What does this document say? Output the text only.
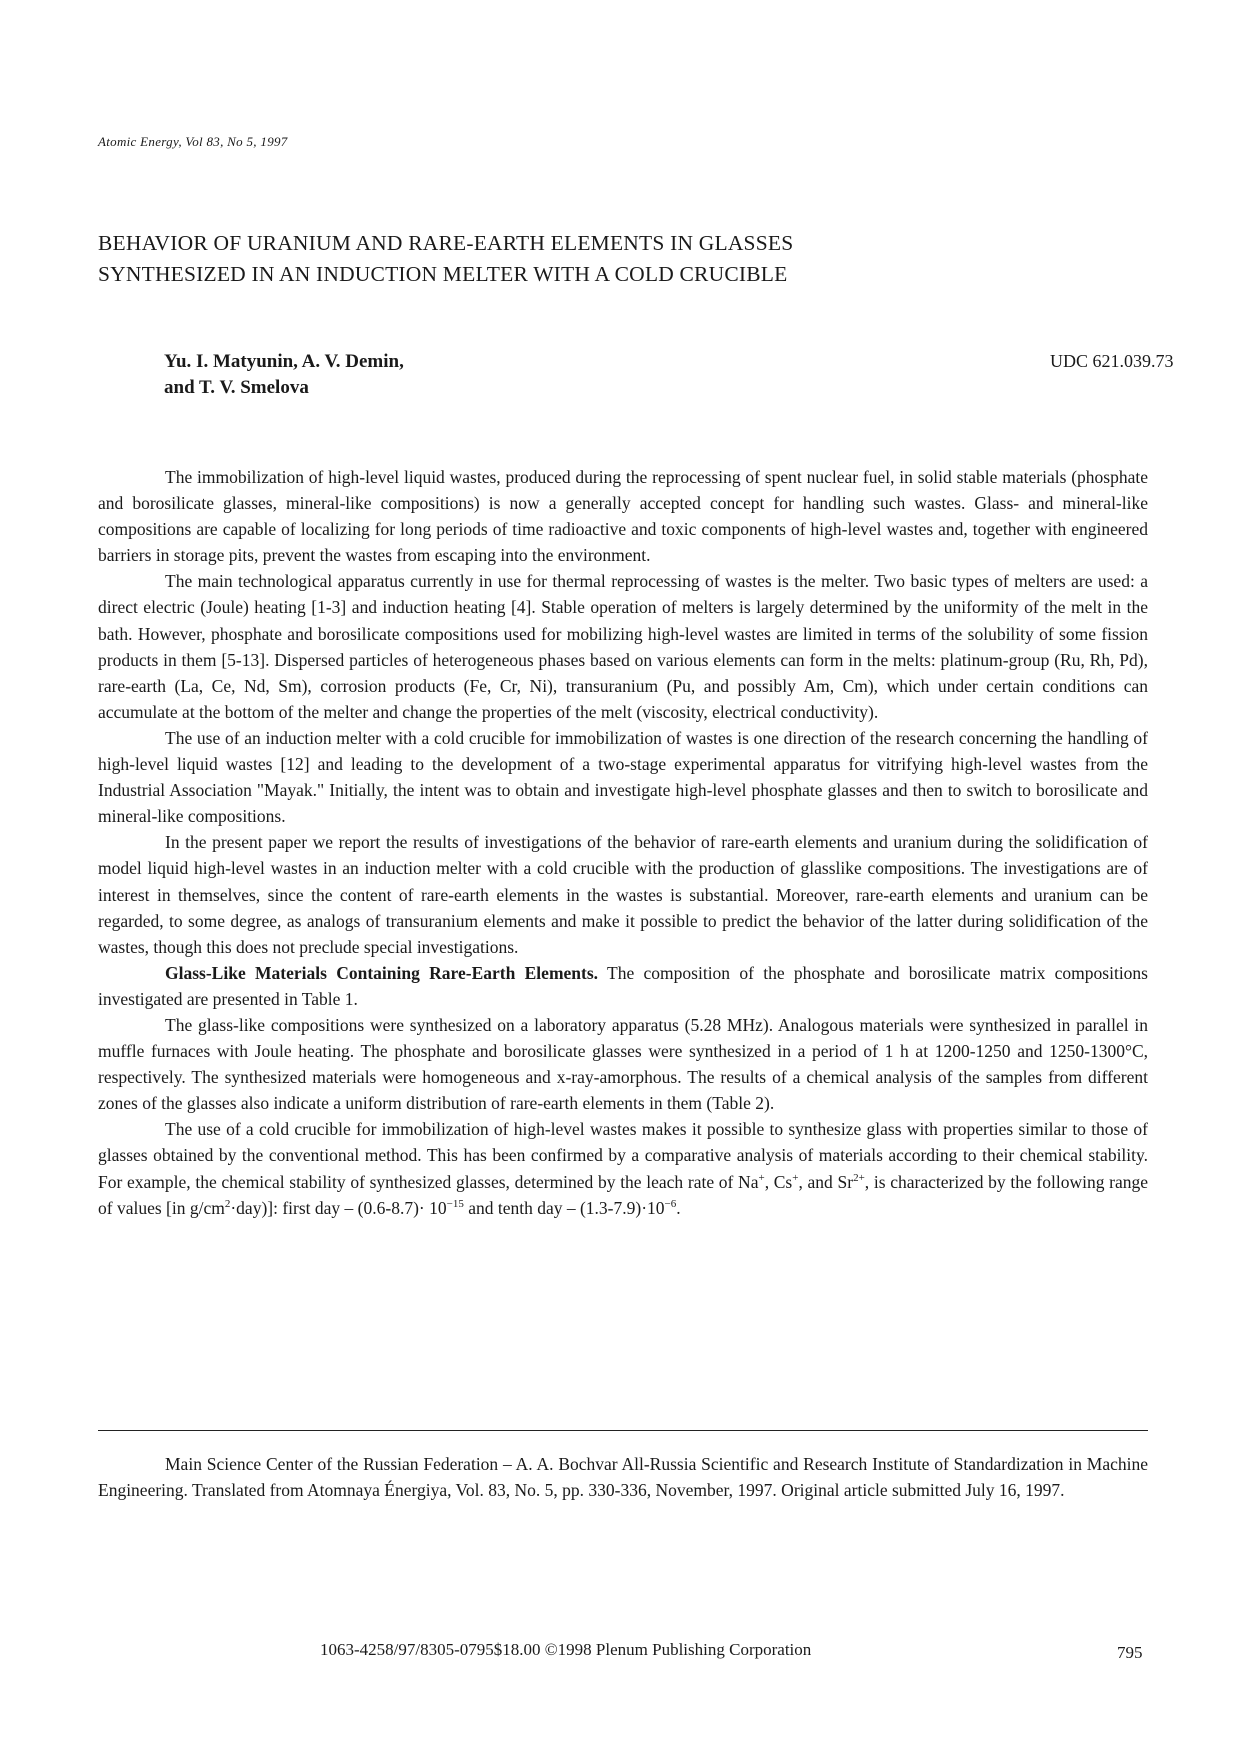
Atomic Energy, Vol 83, No 5, 1997
BEHAVIOR OF URANIUM AND RARE-EARTH ELEMENTS IN GLASSES
SYNTHESIZED IN AN INDUCTION MELTER WITH A COLD CRUCIBLE
Yu. I. Matyunin, A. V. Demin,
and T. V. Smelova
UDC 621.039.73

The immobilization of high-level liquid wastes, produced during the reprocessing of spent nuclear fuel, in solid stable materials (phosphate and borosilicate glasses, mineral-like compositions) is now a generally accepted concept for handling such wastes. Glass- and mineral-like compositions are capable of localizing for long periods of time radioactive and toxic components of high-level wastes and, together with engineered barriers in storage pits, prevent the wastes from escaping into the environment.

The main technological apparatus currently in use for thermal reprocessing of wastes is the melter. Two basic types of melters are used: a direct electric (Joule) heating [1-3] and induction heating [4]. Stable operation of melters is largely determined by the uniformity of the melt in the bath. However, phosphate and borosilicate compositions used for mobilizing high-level wastes are limited in terms of the solubility of some fission products in them [5-13]. Dispersed particles of heterogeneous phases based on various elements can form in the melts: platinum-group (Ru, Rh, Pd), rare-earth (La, Ce, Nd, Sm), corrosion products (Fe, Cr, Ni), transuranium (Pu, and possibly Am, Cm), which under certain conditions can accumulate at the bottom of the melter and change the properties of the melt (viscosity, electrical conductivity).

The use of an induction melter with a cold crucible for immobilization of wastes is one direction of the research concerning the handling of high-level liquid wastes [12] and leading to the development of a two-stage experimental apparatus for vitrifying high-level wastes from the Industrial Association "Mayak." Initially, the intent was to obtain and investigate high-level phosphate glasses and then to switch to borosilicate and mineral-like compositions.

In the present paper we report the results of investigations of the behavior of rare-earth elements and uranium during the solidification of model liquid high-level wastes in an induction melter with a cold crucible with the production of glasslike compositions. The investigations are of interest in themselves, since the content of rare-earth elements in the wastes is substantial. Moreover, rare-earth elements and uranium can be regarded, to some degree, as analogs of transuranium elements and make it possible to predict the behavior of the latter during solidification of the wastes, though this does not preclude special investigations.

Glass-Like Materials Containing Rare-Earth Elements. The composition of the phosphate and borosilicate matrix compositions investigated are presented in Table 1.

The glass-like compositions were synthesized on a laboratory apparatus (5.28 MHz). Analogous materials were synthesized in parallel in muffle furnaces with Joule heating. The phosphate and borosilicate glasses were synthesized in a period of 1 h at 1200-1250 and 1250-1300°C, respectively. The synthesized materials were homogeneous and x-ray-amorphous. The results of a chemical analysis of the samples from different zones of the glasses also indicate a uniform distribution of rare-earth elements in them (Table 2).

The use of a cold crucible for immobilization of high-level wastes makes it possible to synthesize glass with properties similar to those of glasses obtained by the conventional method. This has been confirmed by a comparative analysis of materials according to their chemical stability. For example, the chemical stability of synthesized glasses, determined by the leach rate of Na+, Cs+, and $Sr^{2+}$, is characterized by the following range of values [in $g/cm^2\cdot day$)]: first day – $(0.6-8.7)\cdot 10^{-15}$ and tenth day – $(1.3-7.9)\cdot 10^{-6}$.

Main Science Center of the Russian Federation – A. A. Bochvar All-Russia Scientific and Research Institute of Standardization in Machine Engineering. Translated from Atomnaya Énergiya, Vol. 83, No. 5, pp. 330-336, November, 1997. Original article submitted July 16, 1997.

1063-4258/97/8305-0795$18.00 ©1998 Plenum Publishing Corporation	795
